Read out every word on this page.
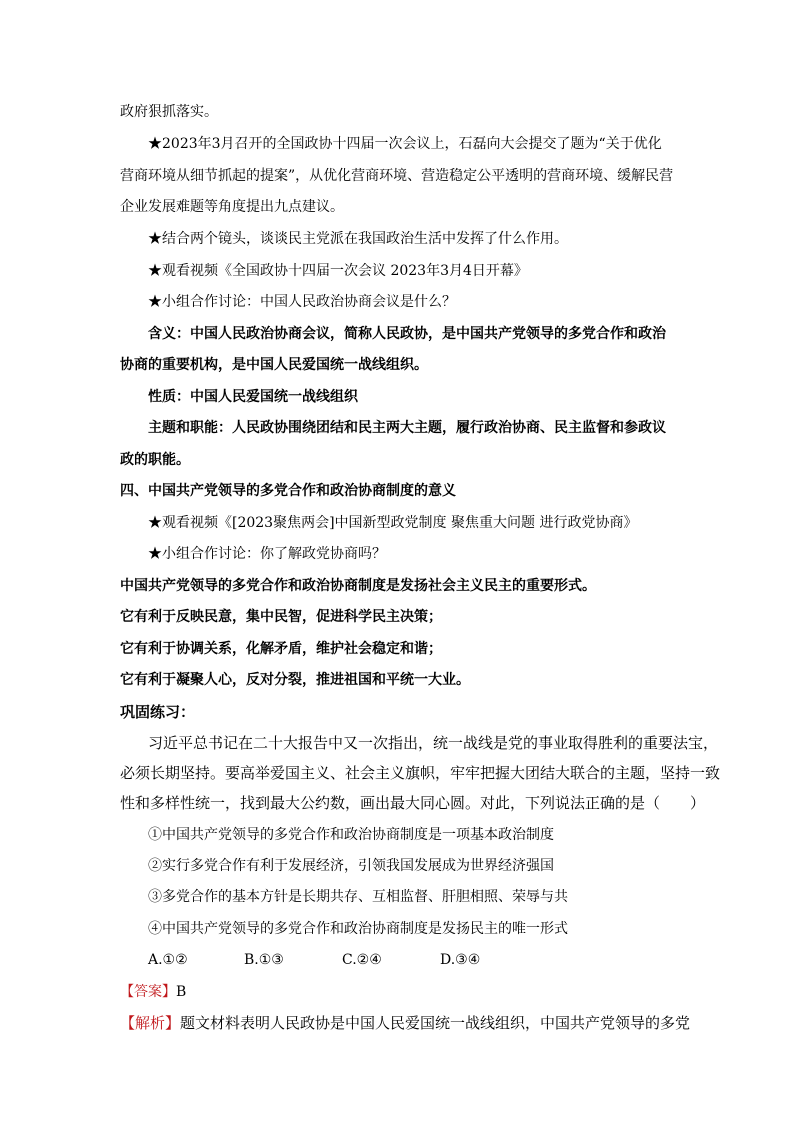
政府狠抓落实。
★2023年3月召开的全国政协十四届一次会议上，石磊向大会提交了题为“关于优化
营商环境从细节抓起的提案”，从优化营商环境、营造稳定公平透明的营商环境、缓解民营
企业发展难题等角度提出九点建议。
★结合两个镜头，谈谈民主党派在我国政治生活中发挥了什么作用。
★观看视频《全国政协十四届一次会议 2023年3月4日开幕》
★小组合作讨论：中国人民政治协商会议是什么？
含义：中国人民政治协商会议，简称人民政协，是中国共产党领导的多党合作和政治
协商的重要机构，是中国人民爱国统一战线组织。
性质：中国人民爱国统一战线组织
主题和职能：人民政协围绕团结和民主两大主题，履行政治协商、民主监督和参政议
政的职能。
四、中国共产党领导的多党合作和政治协商制度的意义
★观看视频《[2023聚焦两会]中国新型政党制度 聚焦重大问题 进行政党协商》
★小组合作讨论：你了解政党协商吗？
中国共产党领导的多党合作和政治协商制度是发扬社会主义民主的重要形式。
它有利于反映民意，集中民智，促进科学民主决策；
它有利于协调关系，化解矛盾，维护社会稳定和谐；
它有利于凝聚人心，反对分裂，推进祖国和平统一大业。
巩固练习：
习近平总书记在二十大报告中又一次指出，统一战线是党的事业取得胜利的重要法宝，
必须长期坚持。要高举爱国主义、社会主义旗帜，牢牢把握大团结大联合的主题，坚持一致
性和多样性统一，找到最大公约数，画出最大同心圆。对此，下列说法正确的是（　　）
①中国共产党领导的多党合作和政治协商制度是一项基本政治制度
②实行多党合作有利于发展经济，引领我国发展成为世界经济强国
③多党合作的基本方针是长期共存、互相监督、肝胆相照、荣辱与共
④中国共产党领导的多党合作和政治协商制度是发扬民主的唯一形式
A.①②	B.①③	C.②④	D.③④
【答案】B
【解析】题文材料表明人民政协是中国人民爱国统一战线组织，中国共产党领导的多党
